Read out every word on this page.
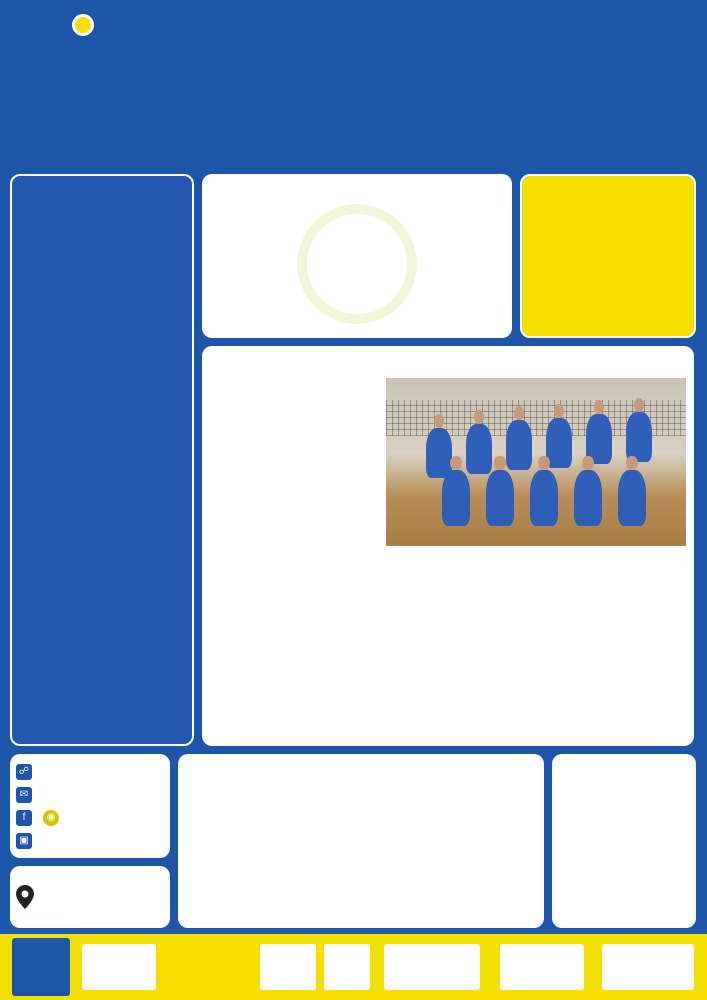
☍
✉
f
	◉
▣
